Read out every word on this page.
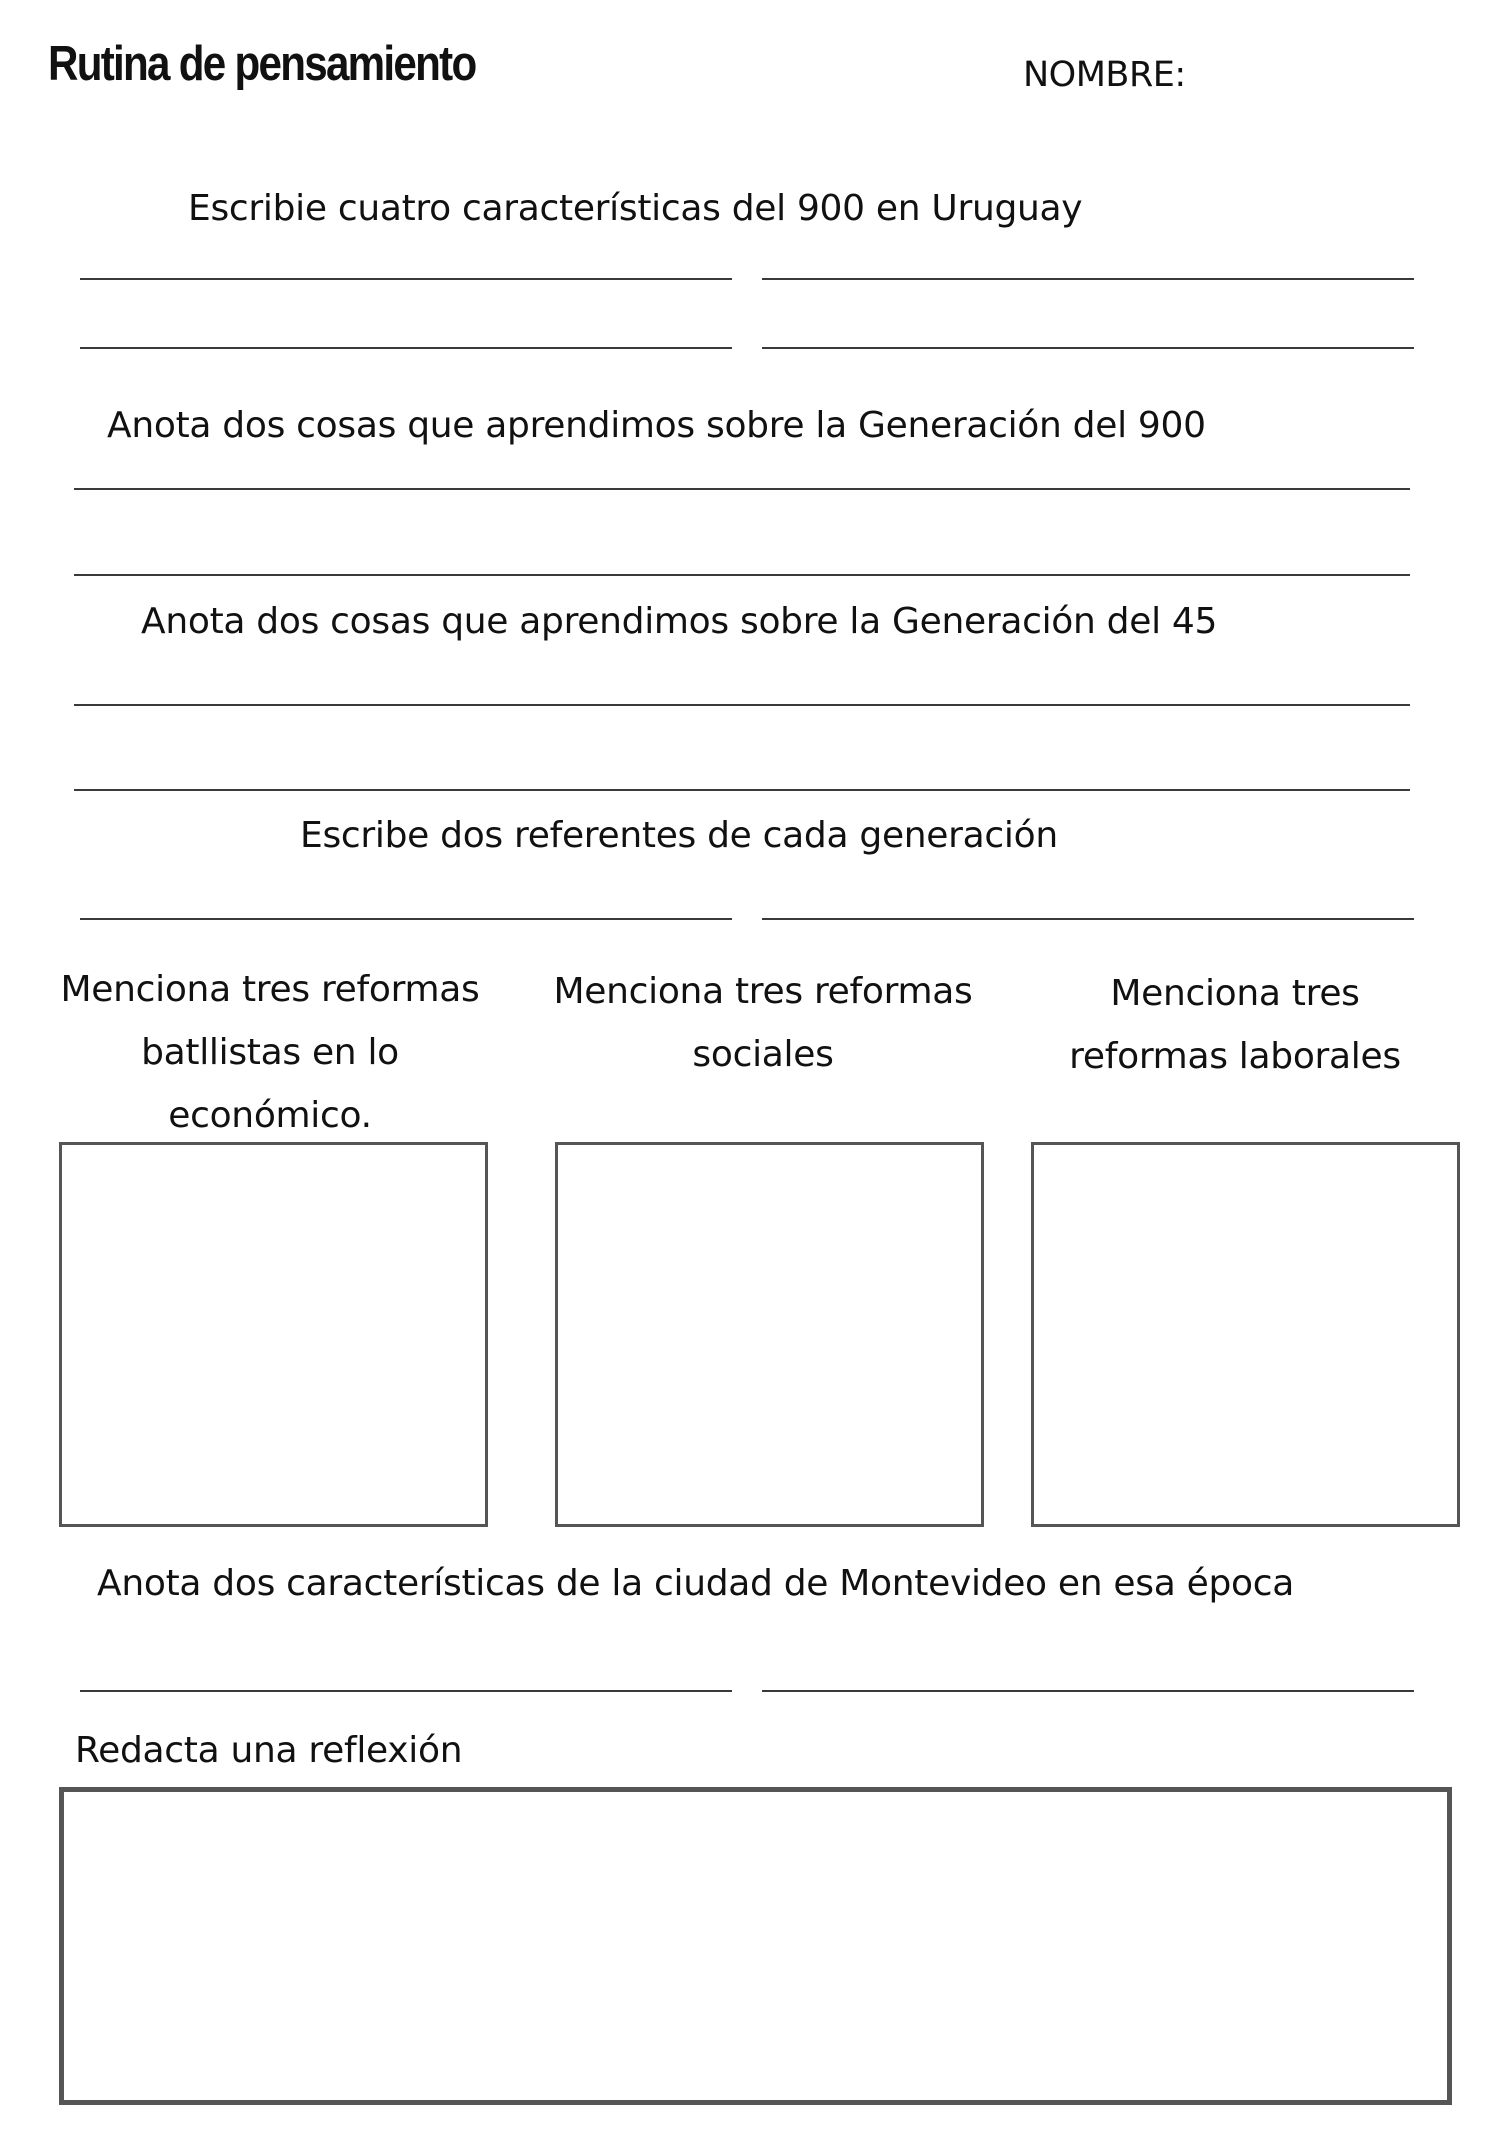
Rutina de pensamiento	NOMBRE:
Escribie cuatro características del 900 en Uruguay
Anota dos cosas que aprendimos sobre la Generación del 900
Anota dos cosas que aprendimos sobre la Generación del 45
Escribe dos referentes de cada generación
Menciona tres reformas
batllistas en lo
económico.
Menciona tres reformas
sociales
Menciona tres
reformas laborales
Anota dos características de la ciudad de Montevideo en esa época
Redacta una reflexión
